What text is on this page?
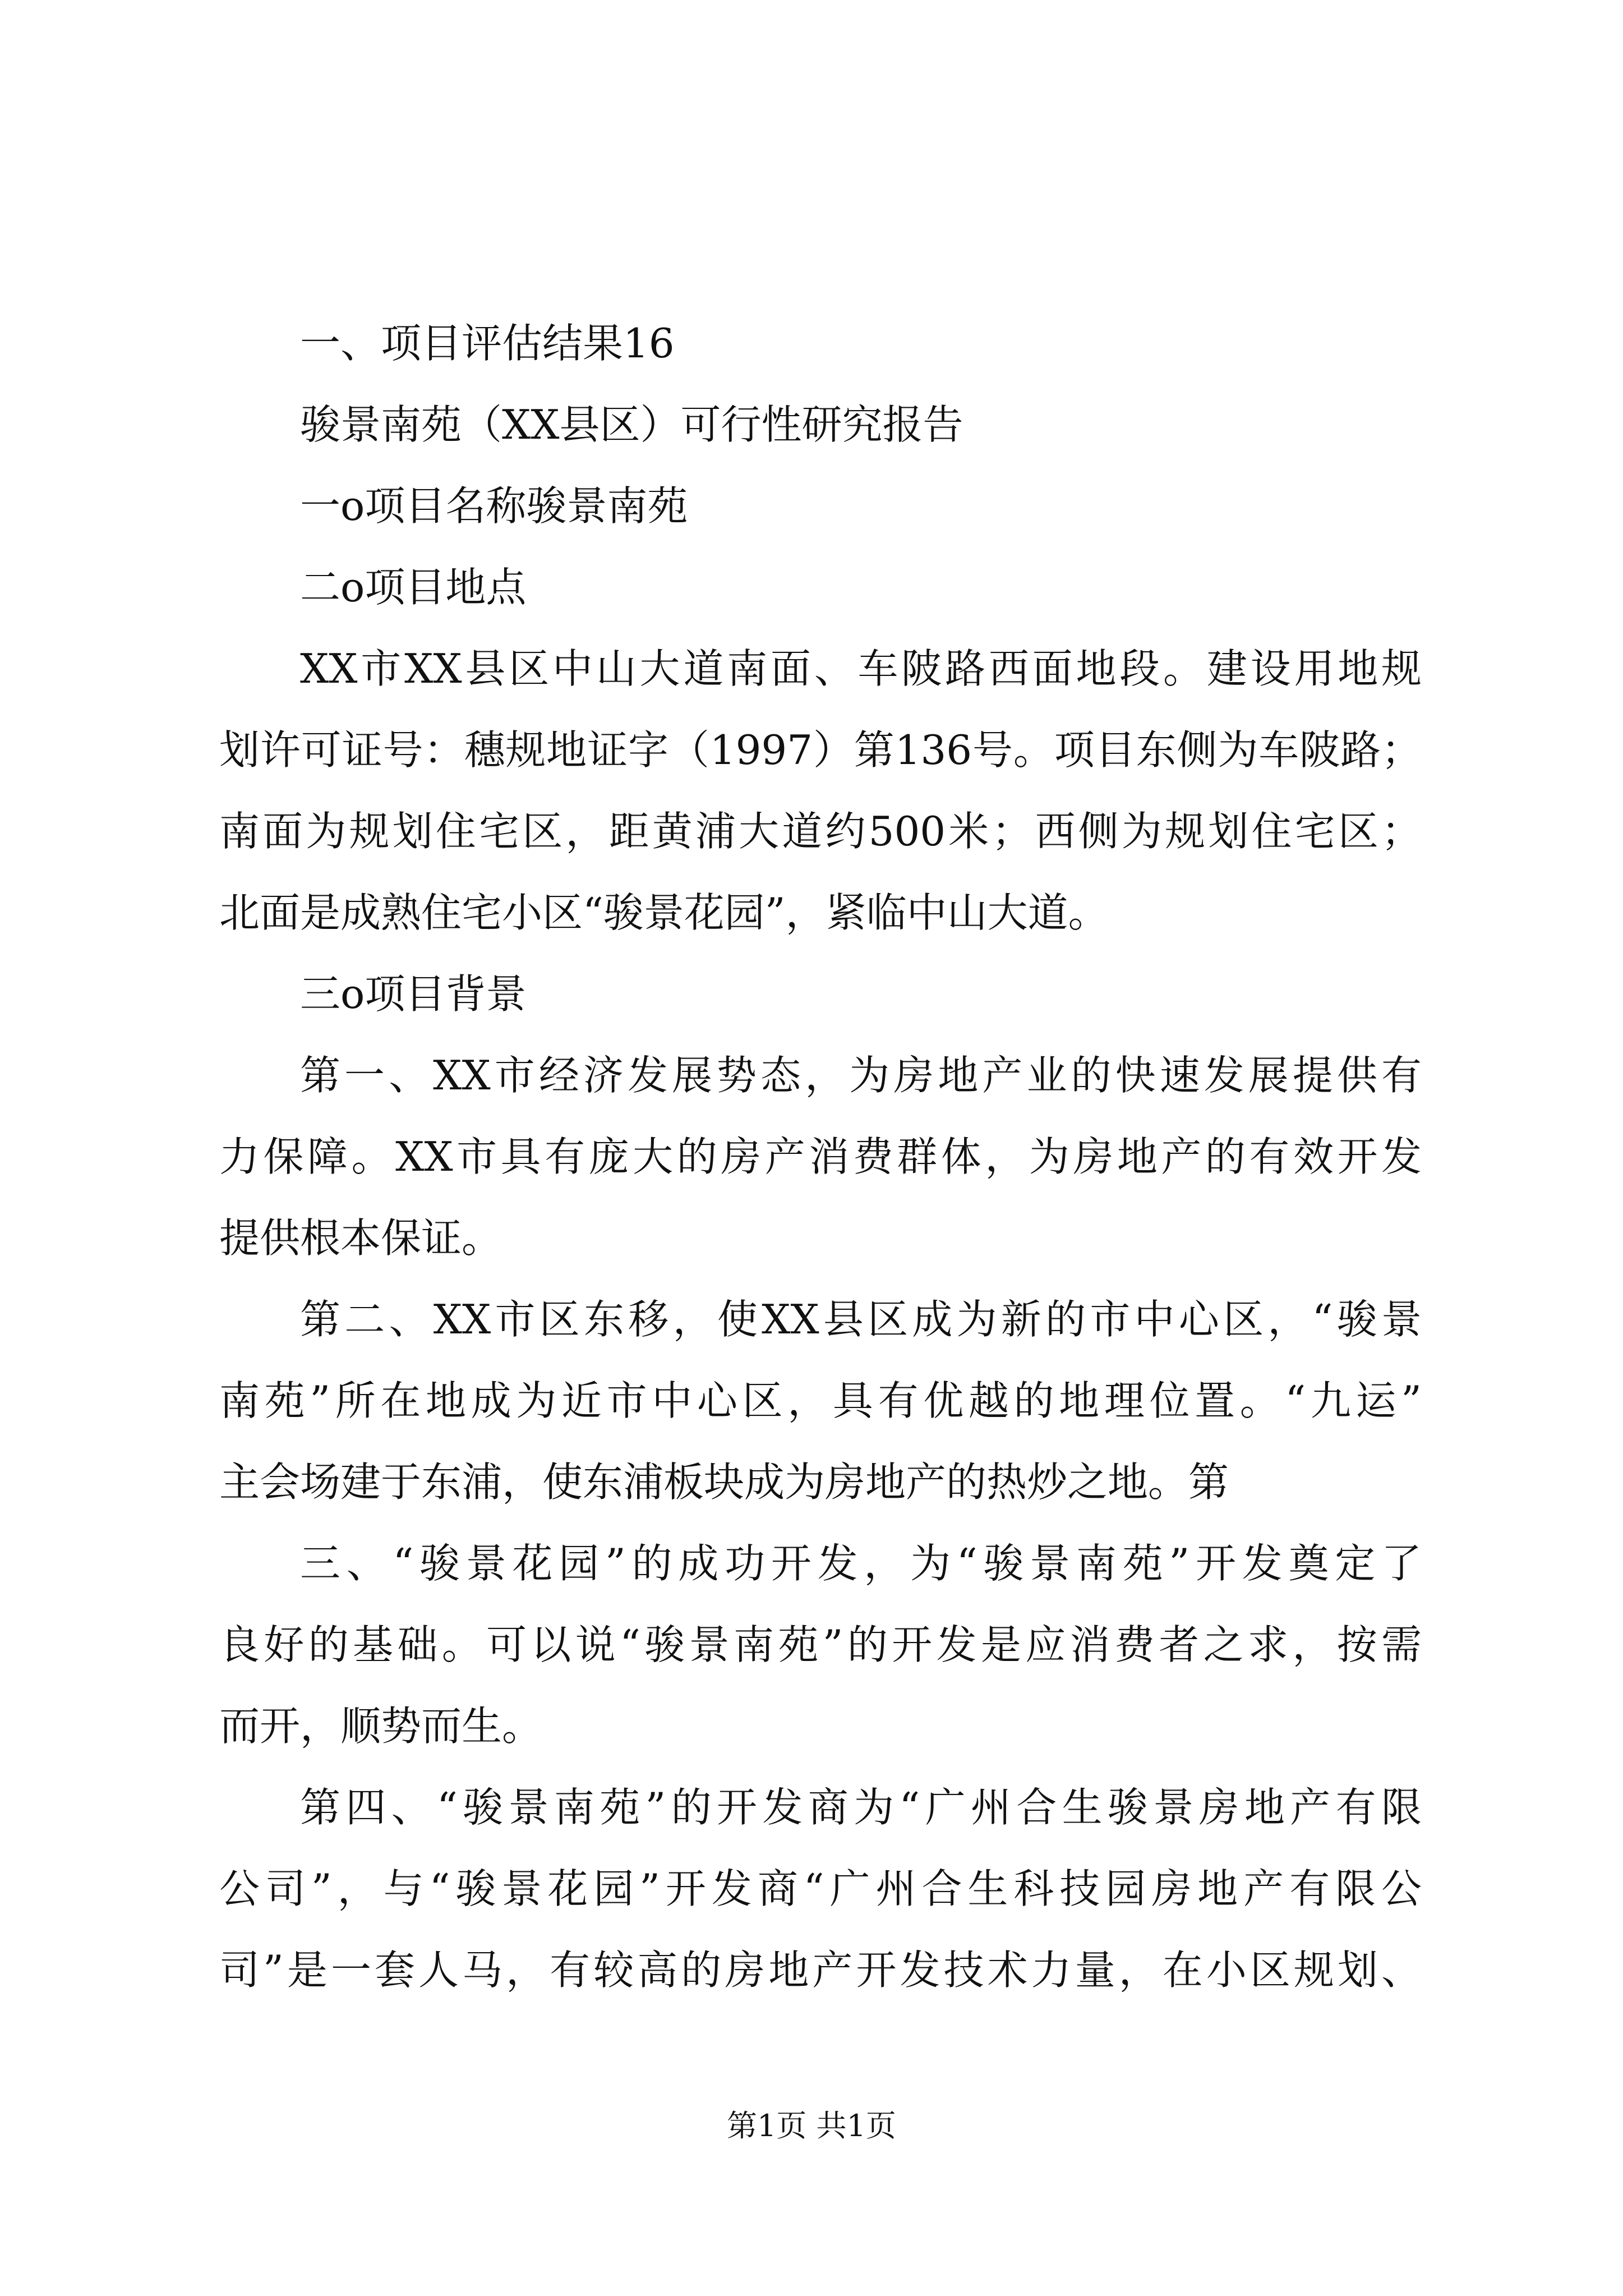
一、项目评估结果16
骏景南苑（XX县区）可行性研究报告
一o项目名称骏景南苑
二o项目地点
XX市XX县区中山大道南面、车陂路西面地段。建设用地规
划许可证号：穗规地证字（1997）第136号。项目东侧为车陂路；
南面为规划住宅区，距黄浦大道约500米；西侧为规划住宅区；
北面是成熟住宅小区“骏景花园”，紧临中山大道。
三o项目背景
第一、XX市经济发展势态，为房地产业的快速发展提供有
力保障。XX市具有庞大的房产消费群体，为房地产的有效开发
提供根本保证。
第二、XX市区东移，使XX县区成为新的市中心区，“骏景
南苑”所在地成为近市中心区，具有优越的地理位置。“九运”
主会场建于东浦，使东浦板块成为房地产的热炒之地。第
三、“骏景花园”的成功开发，为“骏景南苑”开发奠定了
良好的基础。可以说“骏景南苑”的开发是应消费者之求，按需
而开，顺势而生。
第四、“骏景南苑”的开发商为“广州合生骏景房地产有限
公司”，与“骏景花园”开发商“广州合生科技园房地产有限公
司”是一套人马，有较高的房地产开发技术力量，在小区规划、
第1页 共1页
